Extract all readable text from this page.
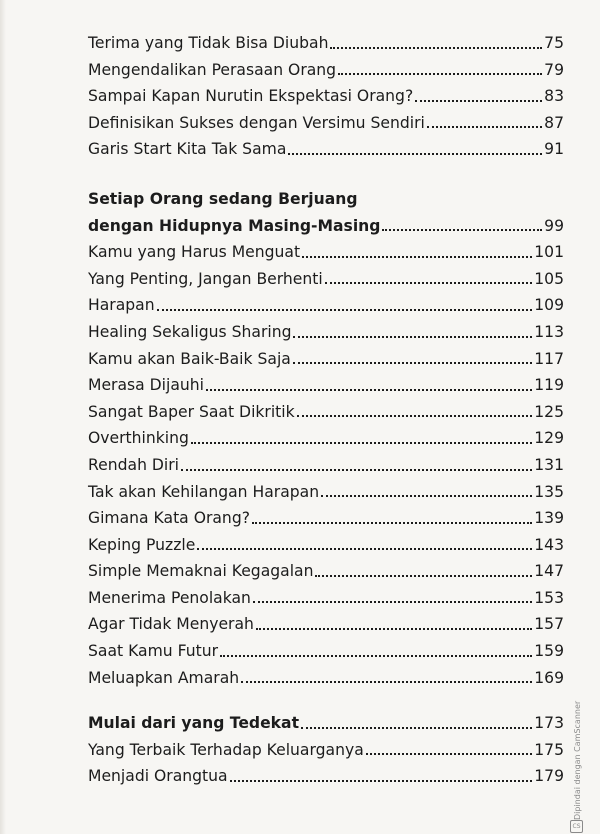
Terima yang Tidak Bisa Diubah	75
Mengendalikan Perasaan Orang	79
Sampai Kapan Nurutin Ekspektasi Orang?	83
Definisikan Sukses dengan Versimu Sendiri	87
Garis Start Kita Tak Sama	91
Setiap Orang sedang Berjuang
dengan Hidupnya Masing-Masing	99
Kamu yang Harus Menguat	101
Yang Penting, Jangan Berhenti	105
Harapan	109
Healing Sekaligus Sharing	113
Kamu akan Baik-Baik Saja	117
Merasa Dijauhi	119
Sangat Baper Saat Dikritik	125
Overthinking	129
Rendah Diri	131
Tak akan Kehilangan Harapan	135
Gimana Kata Orang?	139
Keping Puzzle	143
Simple Memaknai Kegagalan	147
Menerima Penolakan	153
Agar Tidak Menyerah	157
Saat Kamu Futur	159
Meluapkan Amarah	169
Mulai dari yang Tedekat	173
Yang Terbaik Terhadap Keluarganya	175
Menjadi Orangtua	179 Dipindai dengan CamScanner
CS
